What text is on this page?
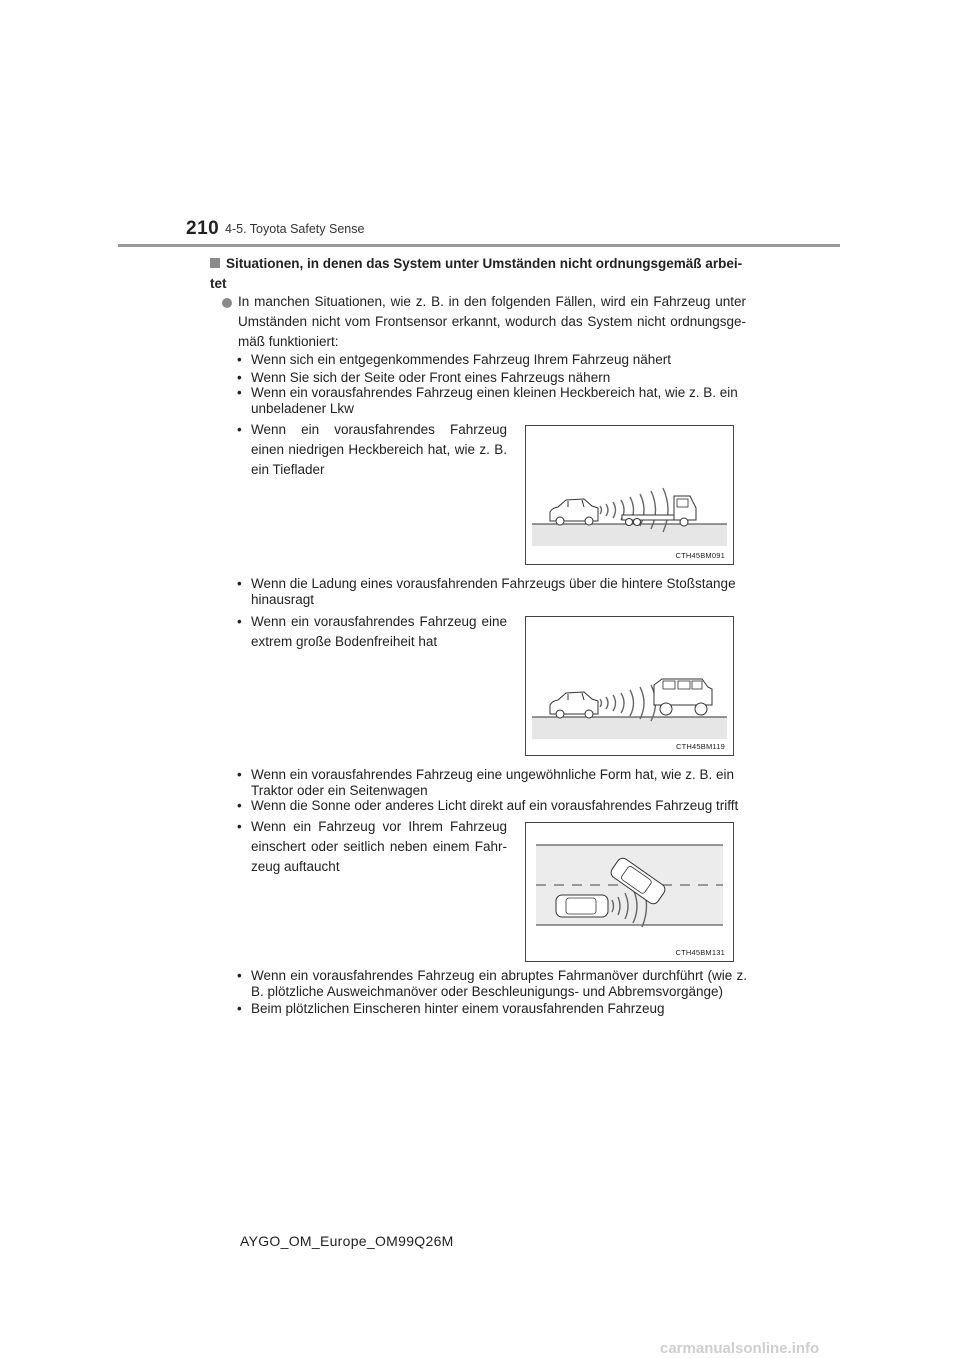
210 4-5. Toyota Safety Sense
Situationen, in denen das System unter Umständen nicht ordnungsgemäß arbei-tet
In manchen Situationen, wie z. B. in den folgenden Fällen, wird ein Fahrzeug unter Umständen nicht vom Frontsensor erkannt, wodurch das System nicht ordnungsge-mäß funktioniert:
• Wenn sich ein entgegenkommendes Fahrzeug Ihrem Fahrzeug nähert
• Wenn Sie sich der Seite oder Front eines Fahrzeugs nähern
• Wenn ein vorausfahrendes Fahrzeug einen kleinen Heckbereich hat, wie z. B. ein unbeladener Lkw
• Wenn ein vorausfahrendes Fahrzeug einen niedrigen Heckbereich hat, wie z. B. ein Tieflader
CTH45BM091
• Wenn die Ladung eines vorausfahrenden Fahrzeugs über die hintere Stoßstange hinausragt
• Wenn ein vorausfahrendes Fahrzeug eine extrem große Bodenfreiheit hat
CTH45BM119
• Wenn ein vorausfahrendes Fahrzeug eine ungewöhnliche Form hat, wie z. B. ein Traktor oder ein Seitenwagen
• Wenn die Sonne oder anderes Licht direkt auf ein vorausfahrendes Fahrzeug trifft
• Wenn ein Fahrzeug vor Ihrem Fahrzeug einschert oder seitlich neben einem Fahr-zeug auftaucht
CTH45BM131
• Wenn ein vorausfahrendes Fahrzeug ein abruptes Fahrmanöver durchführt (wie z. B. plötzliche Ausweichmanöver oder Beschleunigungs- und Abbremsvorgänge)
• Beim plötzlichen Einscheren hinter einem vorausfahrenden Fahrzeug
AYGO_OM_Europe_OM99Q26M
carmanualsonline.info
